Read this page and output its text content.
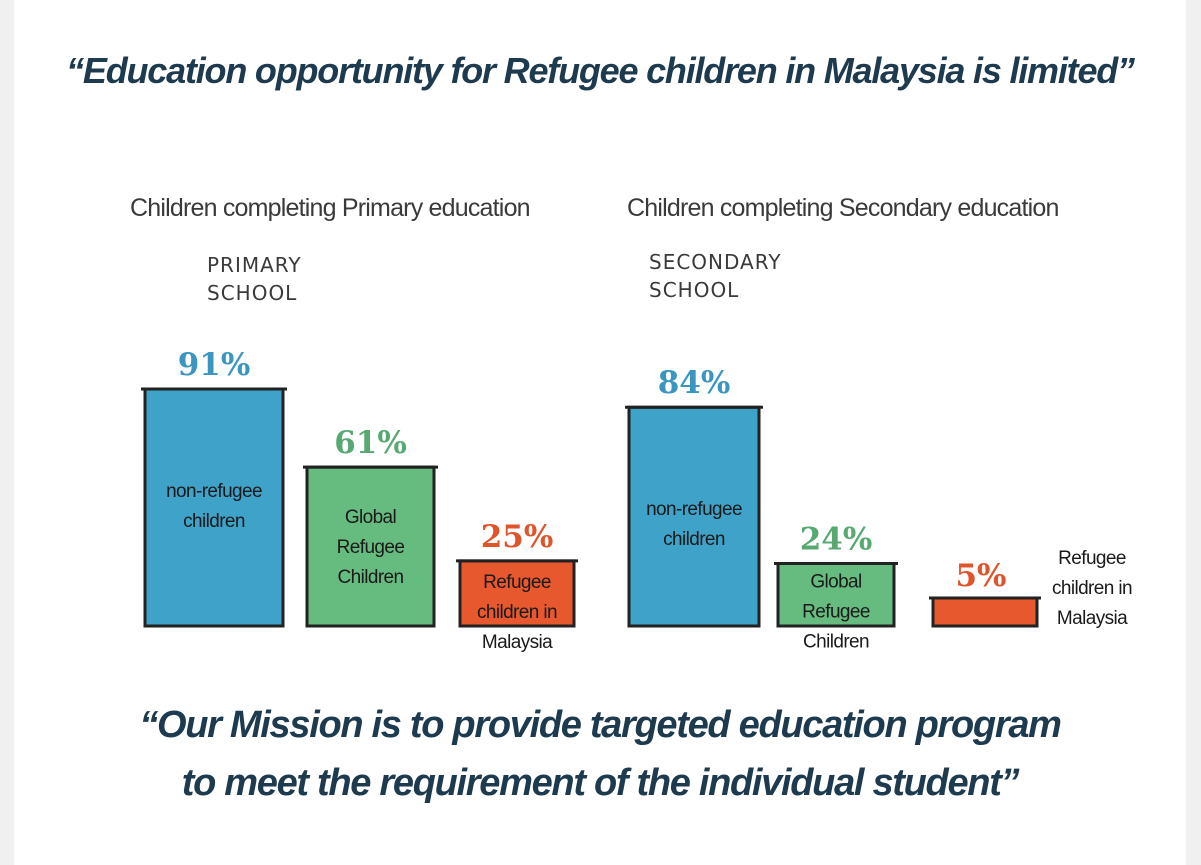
“Education opportunity for Refugee children in Malaysia is limited”
Children completing Primary education	Children completing Secondary education
PRIMARY
SCHOOL
SECONDARY
SCHOOL
91%
non-refugee
children
61%
Global
Refugee
Children
25%
Refugee
children in
Malaysia
84%
non-refugee
children 24%
Global
Refugee
Children
5%	Refugee
children in
Malaysia
“Our Mission is to provide targeted education program
to meet the requirement of the individual student”
